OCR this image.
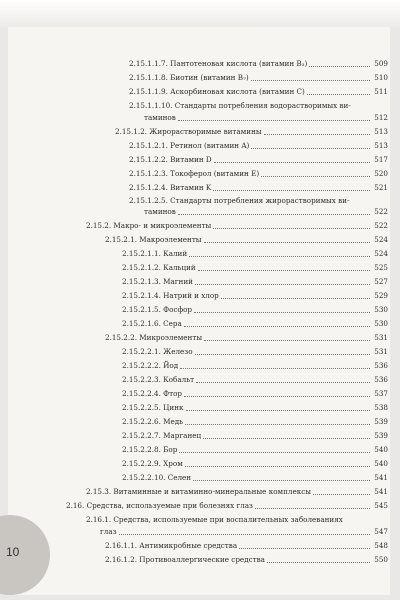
10
2.15.1.1.7. Пантотеновая кислота (витамин B₃)	509
2.15.1.1.8. Биотин (витамин B₇)	510
2.15.1.1.9. Аскорбиновая кислота (витамин C)	511
2.15.1.1.10. Стандарты потребления водорастворимых ви-
таминов	512
2.15.1.2. Жирорастворимые витамины	513
2.15.1.2.1. Ретинол (витамин A)	513
2.15.1.2.2. Витамин D	517
2.15.1.2.3. Токоферол (витамин E)	520
2.15.1.2.4. Витамин K	521
2.15.1.2.5. Стандарты потребления жирорастворимых ви-
таминов	522
2.15.2. Макро- и микроэлементы	522
2.15.2.1. Макроэлементы	524
2.15.2.1.1. Калий	524
2.15.2.1.2. Кальций	525
2.15.2.1.3. Магний	527
2.15.2.1.4. Натрий и хлор	529
2.15.2.1.5. Фосфор	530
2.15.2.1.6. Сера	530
2.15.2.2. Микроэлементы	531
2.15.2.2.1. Железо	531
2.15.2.2.2. Йод	536
2.15.2.2.3. Кобальт	536
2.15.2.2.4. Фтор	537
2.15.2.2.5. Цинк	538
2.15.2.2.6. Медь	539
2.15.2.2.7. Марганец	539
2.15.2.2.8. Бор	540
2.15.2.2.9. Хром	540
2.15.2.2.10. Селен	541
2.15.3. Витаминные и витаминно-минеральные комплексы	541
2.16. Средства, используемые при болезнях глаз	545
2.16.1. Средства, используемые при воспалительных заболеваниях
глаз	547
2.16.1.1. Антимикробные средства	548
2.16.1.2. Противоаллергические средства	550
